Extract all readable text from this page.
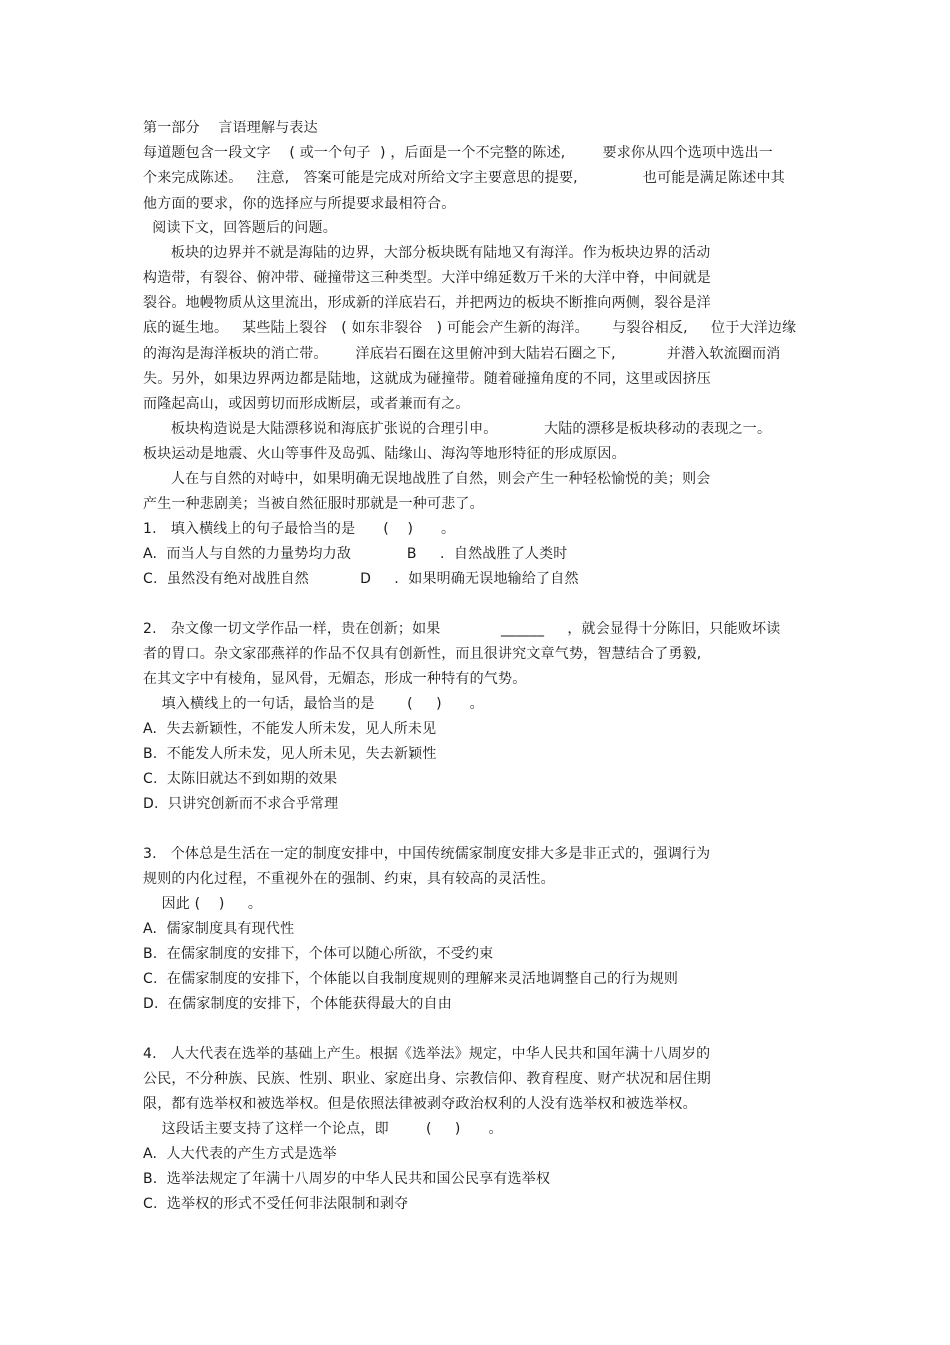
第一部分    言语理解与表达
每道题包含一段文字    ( 或一个句子  ) ，后面是一个不完整的陈述,        要求你从四个选项中选出一
个来完成陈述。   注意,   答案可能是完成对所给文字主要意思的提要,              也可能是满足陈述中其
他方面的要求，你的选择应与所提要求最相符合。
阅读下文，回答题后的问题。
板块的边界并不就是海陆的边界，大部分板块既有陆地又有海洋。作为板块边界的活动
构造带，有裂谷、俯冲带、碰撞带这三种类型。大洋中绵延数万千米的大洋中脊，中间就是
裂谷。地幔物质从这里流出，形成新的洋底岩石，并把两边的板块不断推向两侧，裂谷是洋
底的诞生地。   某些陆上裂谷   ( 如东非裂谷   ) 可能会产生新的海洋。     与裂谷相反,     位于大洋边缘
的海沟是海洋板块的消亡带。      洋底岩石圈在这里俯冲到大陆岩石圈之下,           并潜入软流圈而消
失。另外，如果边界两边都是陆地，这就成为碰撞带。随着碰撞角度的不同，这里或因挤压
而隆起高山，或因剪切而形成断层，或者兼而有之。
板块构造说是大陆漂移说和海底扩张说的合理引申。          大陆的漂移是板块移动的表现之一。
板块运动是地震、火山等事件及岛弧、陆缘山、海沟等地形特征的形成原因。
人在与自然的对峙中，如果明确无误地战胜了自然，则会产生一种轻松愉悦的美；则会
产生一种悲剧美；当被自然征服时那就是一种可悲了。
1.   填入横线上的句子最恰当的是      (    )      。
A.  而当人与自然的力量势均力敌            B     .  自然战胜了人类时
C.  虽然没有绝对战胜自然           D     .  如果明确无误地输给了自然
2.   杂文像一切文学作品一样，贵在创新；如果             ______     ，就会显得十分陈旧，只能败坏读
者的胃口。杂文家邵燕祥的作品不仅具有创新性，而且很讲究文章气势，智慧结合了勇毅,
在其文字中有棱角，显风骨，无媚态，形成一种特有的气势。
填入横线上的一句话，最恰当的是       (     )      。
A.  失去新颖性，不能发人所未发，见人所未见
B.  不能发人所未发，见人所未见，失去新颖性
C.  太陈旧就达不到如期的效果
D.  只讲究创新而不求合乎常理
3.   个体总是生活在一定的制度安排中，中国传统儒家制度安排大多是非正式的，强调行为
规则的内化过程，不重视外在的强制、约束，具有较高的灵活性。
因此 (    )     。
A.  儒家制度具有现代性
B.  在儒家制度的安排下，个体可以随心所欲，不受约束
C.  在儒家制度的安排下，个体能以自我制度规则的理解来灵活地调整自己的行为规则
D.  在儒家制度的安排下，个体能获得最大的自由
4.   人大代表在选举的基础上产生。根据《选举法》规定，中华人民共和国年满十八周岁的
公民，不分种族、民族、性别、职业、家庭出身、宗教信仰、教育程度、财产状况和居住期
限，都有选举权和被选举权。但是依照法律被剥夺政治权利的人没有选举权和被选举权。
这段话主要支持了这样一个论点，即        (     )      。
A.  人大代表的产生方式是选举
B.  选举法规定了年满十八周岁的中华人民共和国公民享有选举权
C.  选举权的形式不受任何非法限制和剥夺
